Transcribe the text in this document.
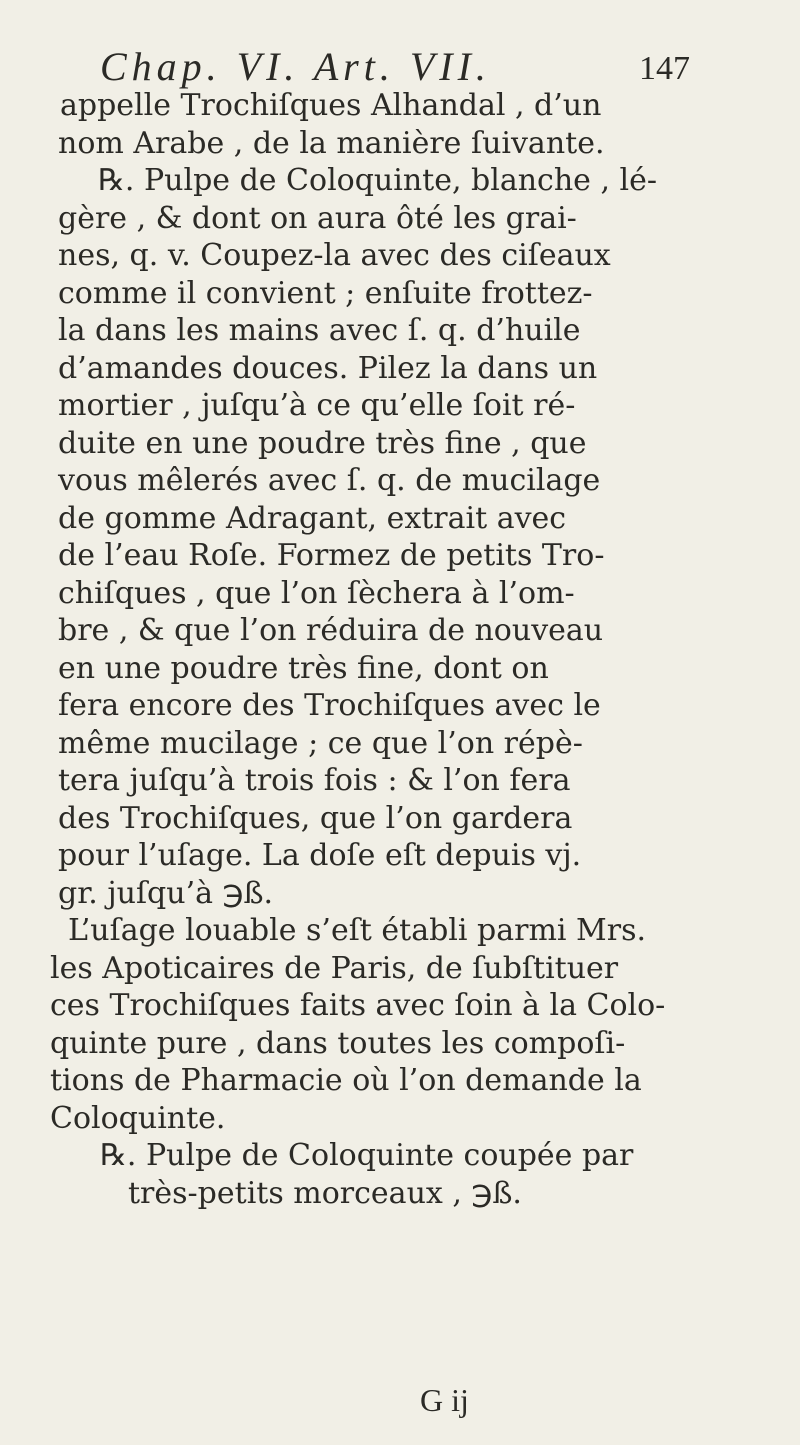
Chap. VI. Art. VII.	147
appelle Trochiſques Alhandal , d’un
nom Arabe , de la manière ſuivante.
℞. Pulpe de Coloquinte, blanche , lé-
gère , & dont on aura ôté les grai-
nes, q. v. Coupez-la avec des ciſeaux
comme il convient ; enſuite frottez-
la dans les mains avec ſ. q. d’huile
d’amandes douces. Pilez la dans un
mortier , juſqu’à ce qu’elle ſoit ré-
duite en une poudre très fine , que
vous mêlerés avec ſ. q. de mucilage
de gomme Adragant, extrait avec
de l’eau Roſe. Formez de petits Tro-
chiſques , que l’on ſèchera à l’om-
bre , & que l’on réduira de nouveau
en une poudre très fine, dont on
fera encore des Trochiſques avec le
même mucilage ; ce que l’on répè-
tera juſqu’à trois fois : & l’on fera
des Trochiſques, que l’on gardera
pour l’uſage. La doſe eſt depuis vj.
gr. juſqu’à ℈ß.
L’uſage louable s’eſt établi parmi Mrs.
les Apoticaires de Paris, de ſubſtituer
ces Trochiſques faits avec ſoin à la Colo-
quinte pure , dans toutes les compoſi-
tions de Pharmacie où l’on demande la
Coloquinte.
℞. Pulpe de Coloquinte coupée par
très-petits morceaux , ℈ß.
G ij
